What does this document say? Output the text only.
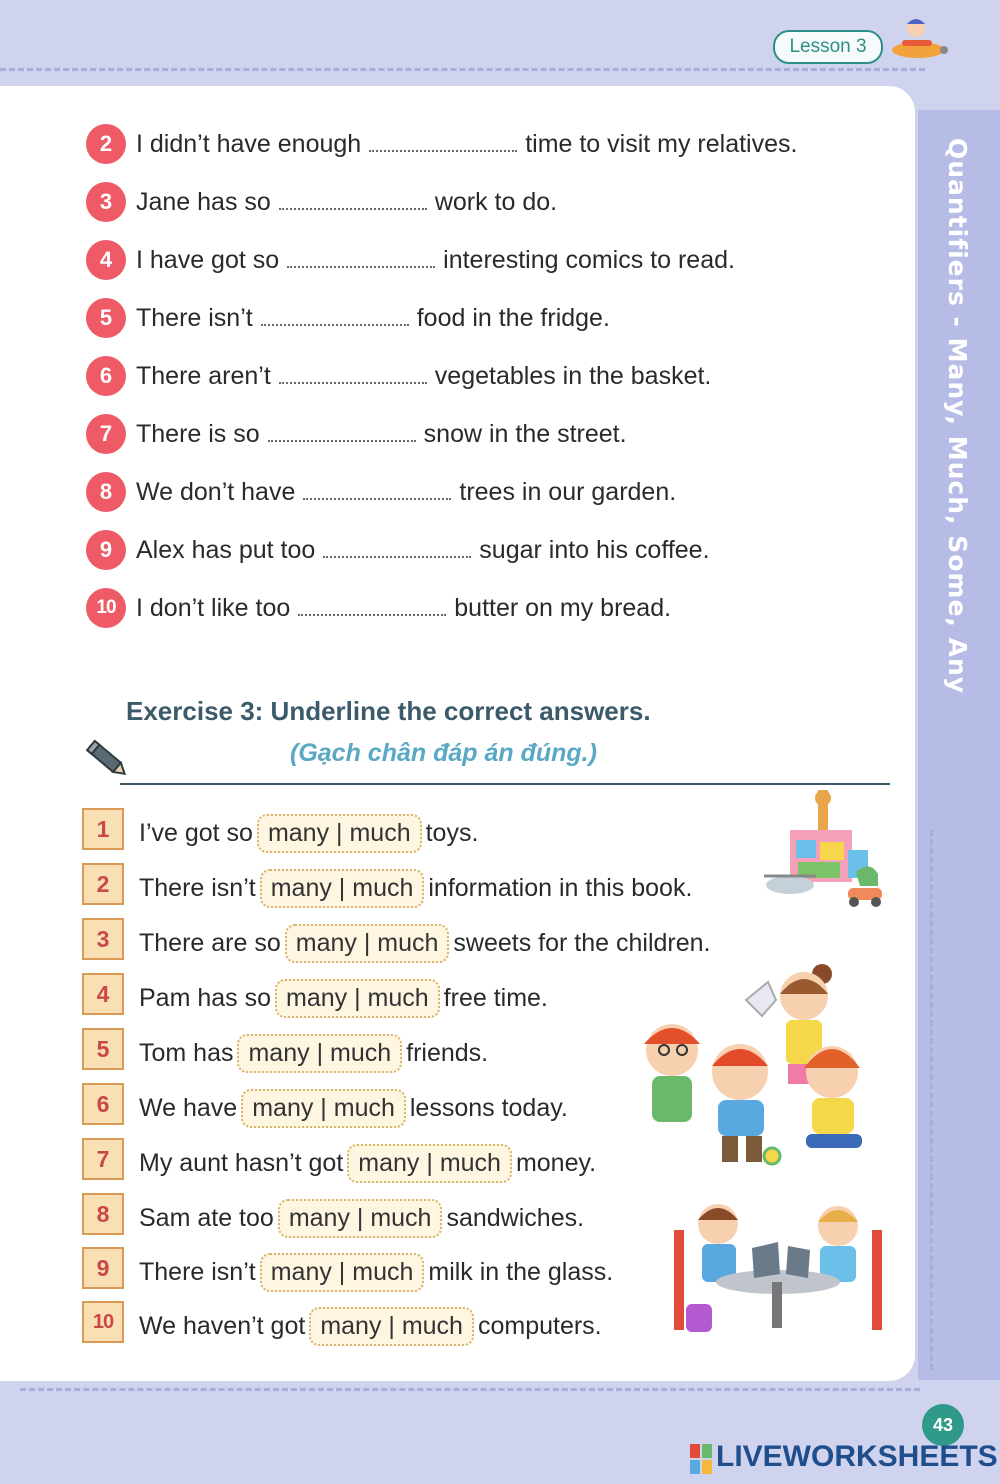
Lesson 3
Quantifiers - Many, Much, Some, Any
2 I didn’t have enough	time to visit my relatives.
3 Jane has so	work to do.
4 I have got so	interesting comics to read.
5 There isn’t	food in the fridge.
6 There aren’t	vegetables in the basket.
7 There is so	snow in the street.
8 We don’t have	trees in our garden.
9 Alex has put too	sugar into his coffee.
10 I don’t like too	butter on my bread.
Exercise 3: Underline the correct answers.
(Gạch chân đáp án đúng.)
1	I’ve got so many | much toys.
2	There isn’t many | much information in this book.
3	There are so many | much sweets for the children.
4	Pam has so many | much free time.
5	Tom has many | much friends.
6	We have many | much lessons today.
7	My aunt hasn’t got many | much money.
8	Sam ate too many | much sandwiches.
9	There isn’t many | much milk in the glass.
10	We haven’t got many | much computers.
43
LIVEWORKSHEETS
